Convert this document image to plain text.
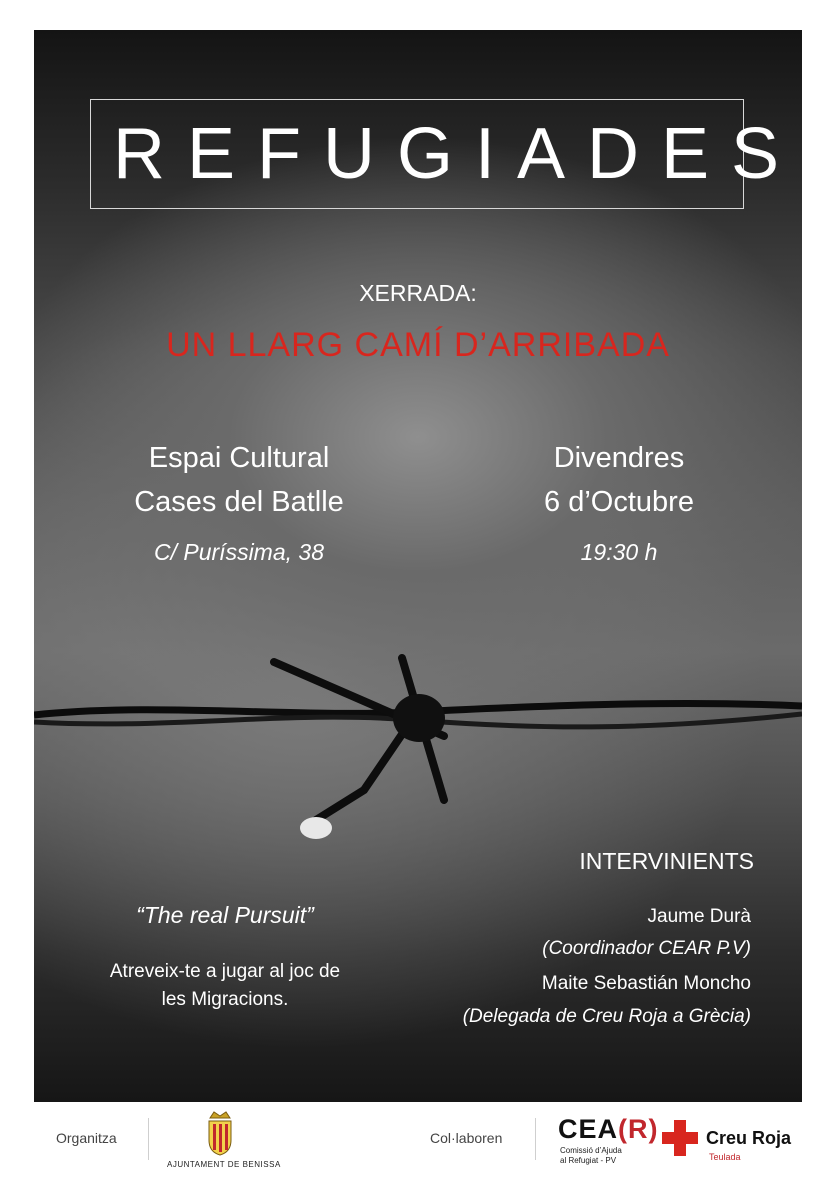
REFUGIADES
XERRADA:
UN LLARG CAMÍ D’ARRIBADA
Espai Cultural
Cases del Batlle
Divendres
6 d’Octubre
C/ Puríssima, 38	19:30 h
“The real Pursuit”
Atreveix-te a jugar al joc de
les Migracions.
INTERVINIENTS
Jaume Durà
(Coordinador CEAR P.V)
Maite Sebastián Moncho
(Delegada de Creu Roja a Grècia)
Organitza
AJUNTAMENT DE BENISSA
Col·laboren CEA(R)
Comissió d’Ajuda
al Refugiat - PV
Creu Roja
Teulada
